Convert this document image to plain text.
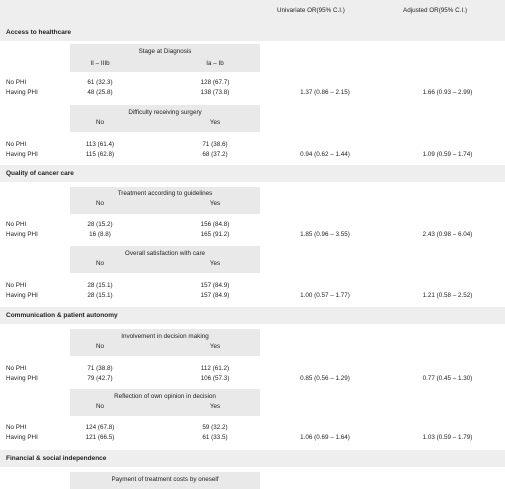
Univariate OR(95% C.I.)	Adjusted OR(95% C.I.)
Access to healthcare
Stage at Diagnosis
II – IIIb	Ia – Ib
No PHI	61 (32.3)	128 (67.7)
Having PHI	48 (25.8)	138 (73.8)	1.37 (0.86 – 2.15)	1.66 (0.93 – 2.99)
Difficulty receiving surgery
No	Yes
No PHI	113 (61.4)	71 (38.6)
Having PHI	115 (62.8)	68 (37.2)	0.94 (0.62 – 1.44)	1.09 (0.59 – 1.74)
Quality of cancer care
Treatment according to guidelines
No	Yes
No PHI	28 (15.2)	156 (84.8)
Having PHI	16 (8.8)	165 (91.2)	1.85 (0.96 – 3.55)	2.43 (0.98 – 6.04)
Overall satisfaction with care
No	Yes
No PHI	28 (15.1)	157 (84.9)
Having PHI	28 (15.1)	157 (84.9)	1.00 (0.57 – 1.77)	1.21 (0.58 – 2.52)
Communication & patient autonomy
Involvement in decision making
No	Yes
No PHI	71 (38.8)	112 (61.2)
Having PHI	79 (42.7)	106 (57.3)	0.85 (0.56 – 1.29)	0.77 (0.45 – 1.30)
Reflection of own opinion in decision
No	Yes
No PHI	124 (67.8)	59 (32.2)
Having PHI	121 (66.5)	61 (33.5)	1.06 (0.69 – 1.64)	1.03 (0.59 – 1.79)
Financial & social independence
Payment of treatment costs by oneself
